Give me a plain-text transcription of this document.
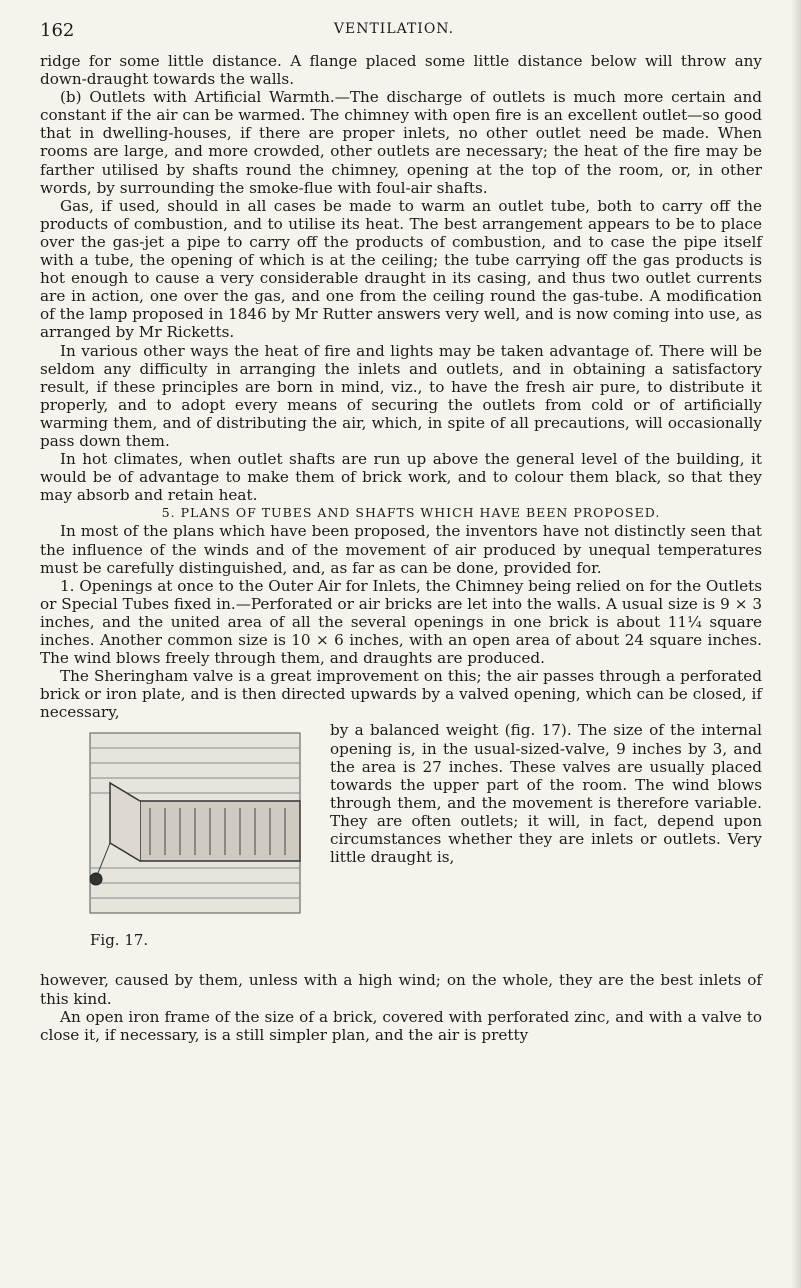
162	VENTILATION.

ridge for some little distance. A flange placed some little distance below will throw any down-draught towards the walls.

(b) Outlets with Artificial Warmth.—The discharge of outlets is much more certain and constant if the air can be warmed. The chimney with open fire is an excellent outlet—so good that in dwelling-houses, if there are proper inlets, no other outlet need be made. When rooms are large, and more crowded, other outlets are necessary; the heat of the fire may be farther utilised by shafts round the chimney, opening at the top of the room, or, in other words, by surrounding the smoke-flue with foul-air shafts.

Gas, if used, should in all cases be made to warm an outlet tube, both to carry off the products of combustion, and to utilise its heat. The best arrangement appears to be to place over the gas-jet a pipe to carry off the products of combustion, and to case the pipe itself with a tube, the opening of which is at the ceiling; the tube carrying off the gas products is hot enough to cause a very considerable draught in its casing, and thus two outlet currents are in action, one over the gas, and one from the ceiling round the gas-tube. A modification of the lamp proposed in 1846 by Mr Rutter answers very well, and is now coming into use, as arranged by Mr Ricketts.

In various other ways the heat of fire and lights may be taken advantage of. There will be seldom any difficulty in arranging the inlets and outlets, and in obtaining a satisfactory result, if these principles are born in mind, viz., to have the fresh air pure, to distribute it properly, and to adopt every means of securing the outlets from cold or of artificially warming them, and of distributing the air, which, in spite of all precautions, will occasionally pass down them.

In hot climates, when outlet shafts are run up above the general level of the building, it would be of advantage to make them of brick work, and to colour them black, so that they may absorb and retain heat.

5. PLANS OF TUBES AND SHAFTS WHICH HAVE BEEN PROPOSED.

In most of the plans which have been proposed, the inventors have not distinctly seen that the influence of the winds and of the movement of air produced by unequal temperatures must be carefully distinguished, and, as far as can be done, provided for.

1. Openings at once to the Outer Air for Inlets, the Chimney being relied on for the Outlets or Special Tubes fixed in.—Perforated or air bricks are let into the walls. A usual size is 9 × 3 inches, and the united area of all the several openings in one brick is about 11¼ square inches. Another common size is 10 × 6 inches, with an open area of about 24 square inches. The wind blows freely through them, and draughts are produced.

The Sheringham valve is a great improvement on this; the air passes through a perforated brick or iron plate, and is then directed upwards by a valved opening, which can be closed, if necessary,

Fig. 17.

by a balanced weight (fig. 17). The size of the internal opening is, in the usual-sized-valve, 9 inches by 3, and the area is 27 inches. These valves are usually placed towards the upper part of the room. The wind blows through them, and the movement is therefore variable. They are often outlets; it will, in fact, depend upon circumstances whether they are inlets or outlets. Very little draught is,

however, caused by them, unless with a high wind; on the whole, they are the best inlets of this kind.

An open iron frame of the size of a brick, covered with perforated zinc, and with a valve to close it, if necessary, is a still simpler plan, and the air is pretty
